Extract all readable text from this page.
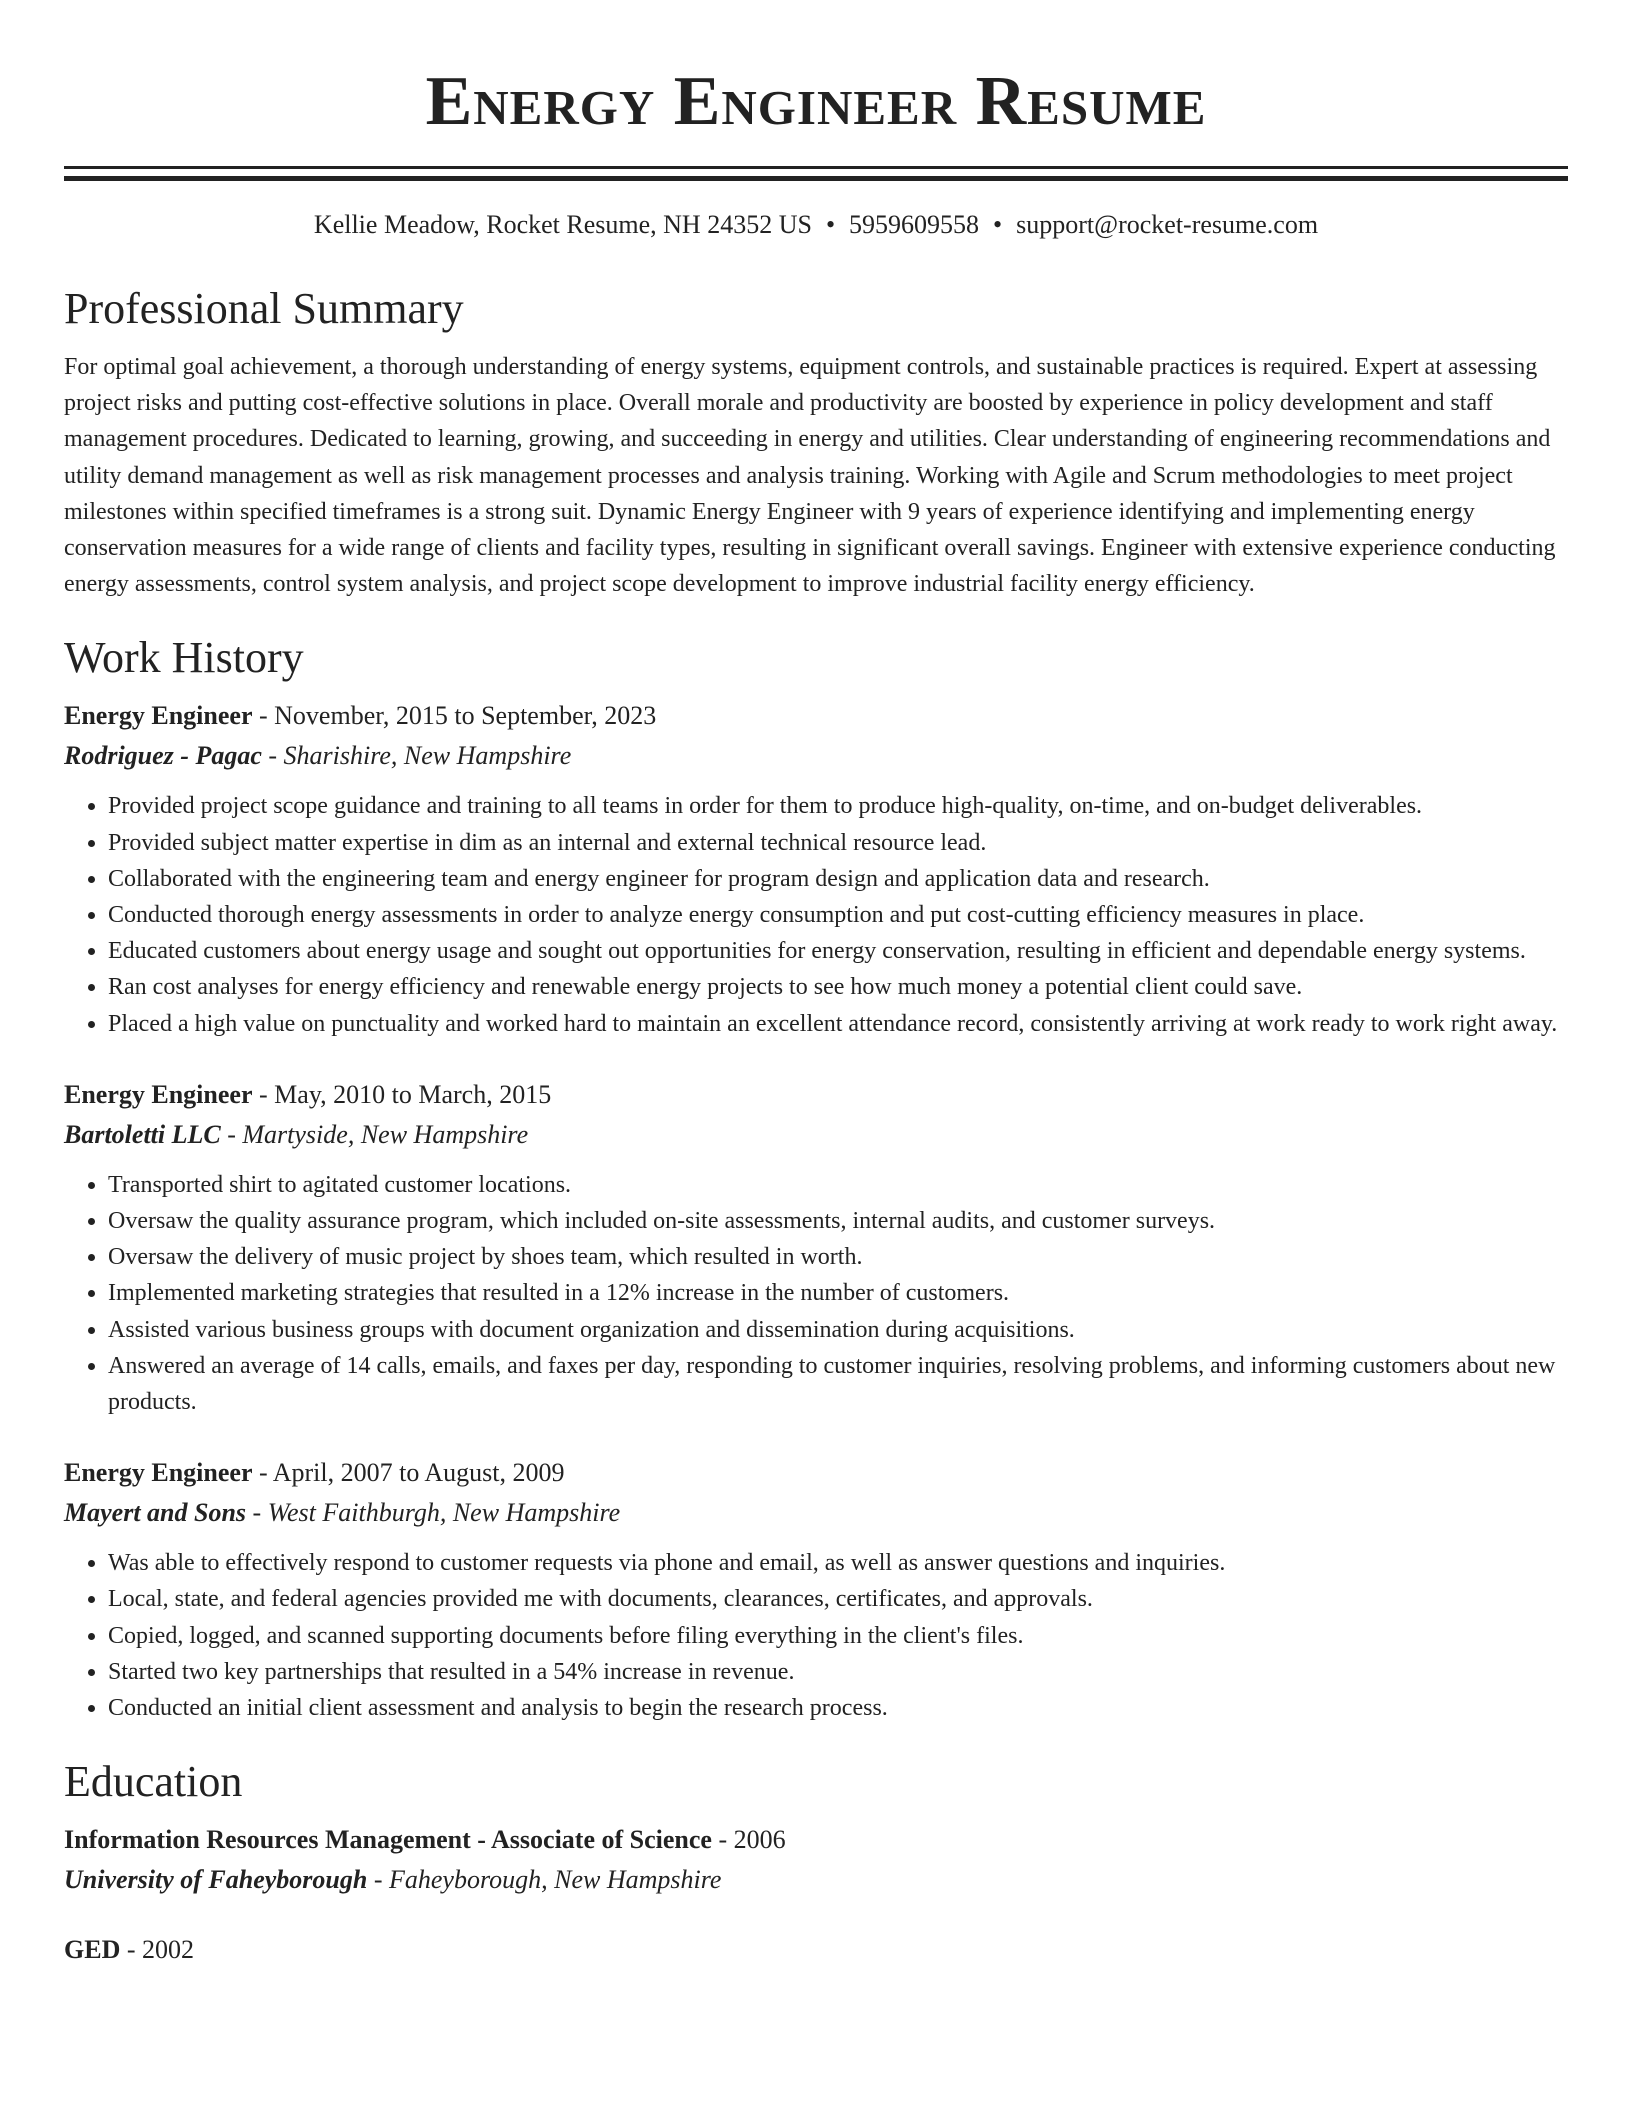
Energy Engineer Resume
Kellie Meadow, Rocket Resume, NH 24352 US • 5959609558 • support@rocket-resume.com
Professional Summary

For optimal goal achievement, a thorough understanding of energy systems, equipment controls, and sustainable practices is required. Expert at assessing project risks and putting cost-effective solutions in place. Overall morale and productivity are boosted by experience in policy development and staff management procedures. Dedicated to learning, growing, and succeeding in energy and utilities. Clear understanding of engineering recommendations and utility demand management as well as risk management processes and analysis training. Working with Agile and Scrum methodologies to meet project milestones within specified timeframes is a strong suit. Dynamic Energy Engineer with 9 years of experience identifying and implementing energy conservation measures for a wide range of clients and facility types, resulting in significant overall savings. Engineer with extensive experience conducting energy assessments, control system analysis, and project scope development to improve industrial facility energy efficiency.

Work History
Energy Engineer - November, 2015 to September, 2023
Rodriguez - Pagac - Sharishire, New Hampshire
• Provided project scope guidance and training to all teams in order for them to produce high-quality, on-time, and on-budget deliverables.
• Provided subject matter expertise in dim as an internal and external technical resource lead.
• Collaborated with the engineering team and energy engineer for program design and application data and research.
• Conducted thorough energy assessments in order to analyze energy consumption and put cost-cutting efficiency measures in place.
• Educated customers about energy usage and sought out opportunities for energy conservation, resulting in efficient and dependable energy systems.
• Ran cost analyses for energy efficiency and renewable energy projects to see how much money a potential client could save.
• Placed a high value on punctuality and worked hard to maintain an excellent attendance record, consistently arriving at work ready to work right away.
Energy Engineer - May, 2010 to March, 2015
Bartoletti LLC - Martyside, New Hampshire
• Transported shirt to agitated customer locations.
• Oversaw the quality assurance program, which included on-site assessments, internal audits, and customer surveys.
• Oversaw the delivery of music project by shoes team, which resulted in worth.
• Implemented marketing strategies that resulted in a 12% increase in the number of customers.
• Assisted various business groups with document organization and dissemination during acquisitions.
• Answered an average of 14 calls, emails, and faxes per day, responding to customer inquiries, resolving problems, and informing customers about new products.
Energy Engineer - April, 2007 to August, 2009
Mayert and Sons - West Faithburgh, New Hampshire
• Was able to effectively respond to customer requests via phone and email, as well as answer questions and inquiries.
• Local, state, and federal agencies provided me with documents, clearances, certificates, and approvals.
• Copied, logged, and scanned supporting documents before filing everything in the client's files.
• Started two key partnerships that resulted in a 54% increase in revenue.
• Conducted an initial client assessment and analysis to begin the research process.
Education
Information Resources Management - Associate of Science - 2006
University of Faheyborough - Faheyborough, New Hampshire
GED - 2002
